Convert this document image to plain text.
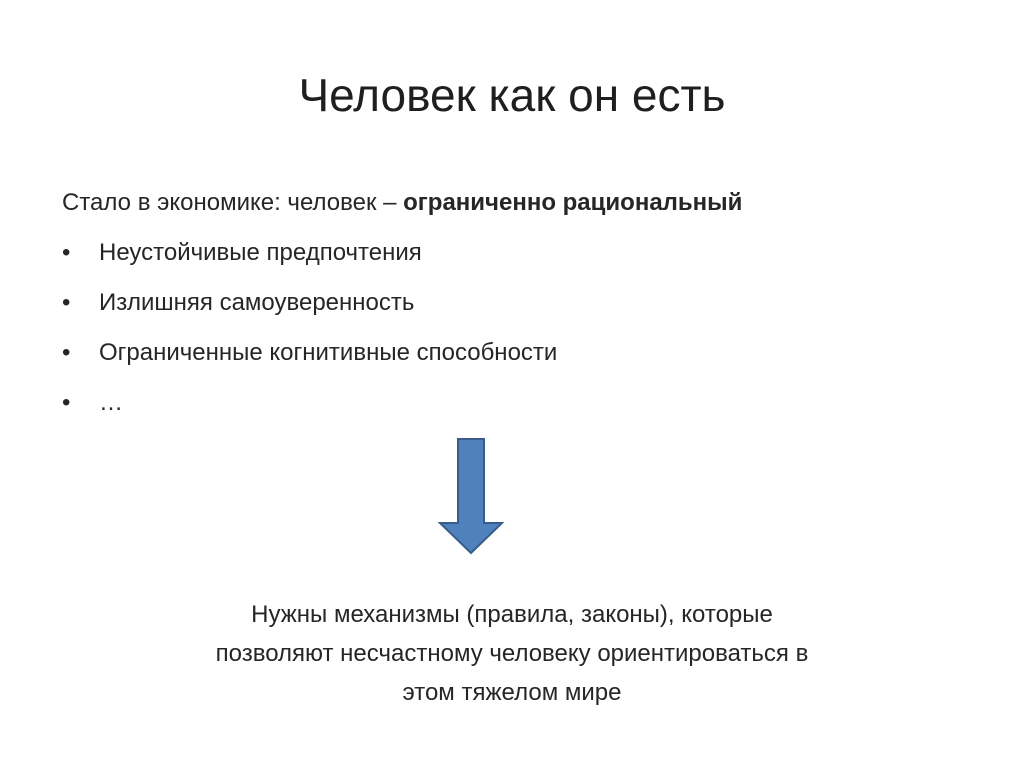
Человек как он есть
Стало в экономике: человек – ограниченно рациональный
• Неустойчивые предпочтения
• Излишняя самоуверенность
• Ограниченные когнитивные способности
• …
Нужны механизмы (правила, законы), которые
позволяют несчастному человеку ориентироваться в
этом тяжелом мире
